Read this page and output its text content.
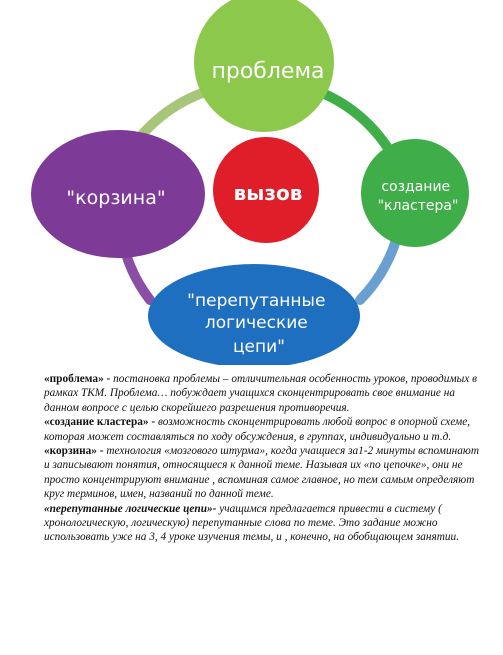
проблема
создание "кластера"
"перепутанные логические цепи"
"корзина"	вызов

«проблема» - постановка проблемы – отличительная особенность уроков, проводимых в рамках ТКМ. Проблема… побуждает учащихся сконцентрировать свое внимание на данном вопросе с целью скорейшего разрешения противоречия.

«создание кластера» - возможность сконцентрировать любой вопрос в опорной схеме, которая может составляться по ходу обсуждения, в группах, индивидуально и т.д.

«корзина» - технология «мозгового штурма», когда учащиеся за1-2 минуты вспоминают и записывают понятия, относящиеся к данной теме. Называя их «по цепочке», они не просто концентрируют внимание , вспоминая самое главное, но тем самым определяют круг терминов, имен, названий по данной теме.

«перепутанные логические цепи»- учащимся предлагается привести в систему ( хронологическую, логическую) перепутанные слова по теме. Это задание можно использовать уже на 3, 4 уроке изучения темы, и , конечно, на обобщающем занятии.
